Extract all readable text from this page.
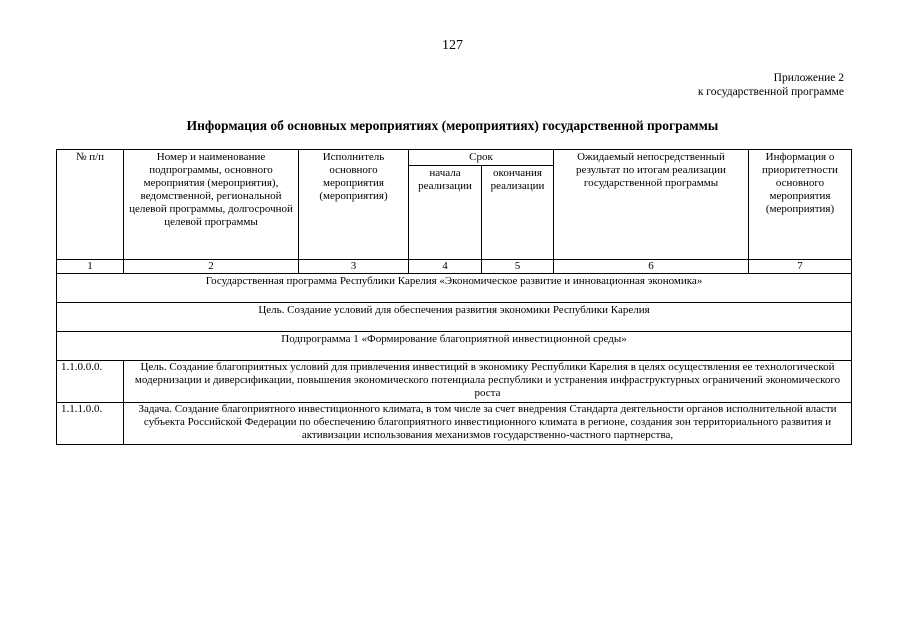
127
Приложение 2
к государственной программе
Информация об основных мероприятиях (мероприятиях) государственной программы
№ п/п	Номер и наименование подпрограммы, основного мероприятия (мероприятия), ведомственной, региональной целевой программы, долгосрочной целевой программы	Исполнитель основного мероприятия (мероприятия)	Срок		Ожидаемый непосредственный результат по итогам реализации государственной программы	Информация о приоритетности основного мероприятия (мероприятия)
			начала реализации	окончания реализации		
1	2	3	4	5	6	7
Государственная программа Республики Карелия «Экономическое развитие и инновационная экономика»						
Цель. Создание условий для обеспечения развития экономики Республики Карелия						
Подпрограмма 1 «Формирование благоприятной инвестиционной среды»						
1.1.0.0.0.	Цель. Создание благоприятных условий для привлечения инвестиций в экономику Республики Карелия в целях осуществления ее технологической модернизации и диверсификации, повышения экономического потенциала республики и устранения инфраструктурных ограничений экономического роста					
1.1.1.0.0.	Задача. Создание благоприятного инвестиционного климата, в том числе за счет внедрения Стандарта деятельности органов исполнительной власти субъекта Российской Федерации по обеспечению благоприятного инвестиционного климата в регионе, создания зон территориального развития и активизации использования механизмов государственно-частного партнерства,					
